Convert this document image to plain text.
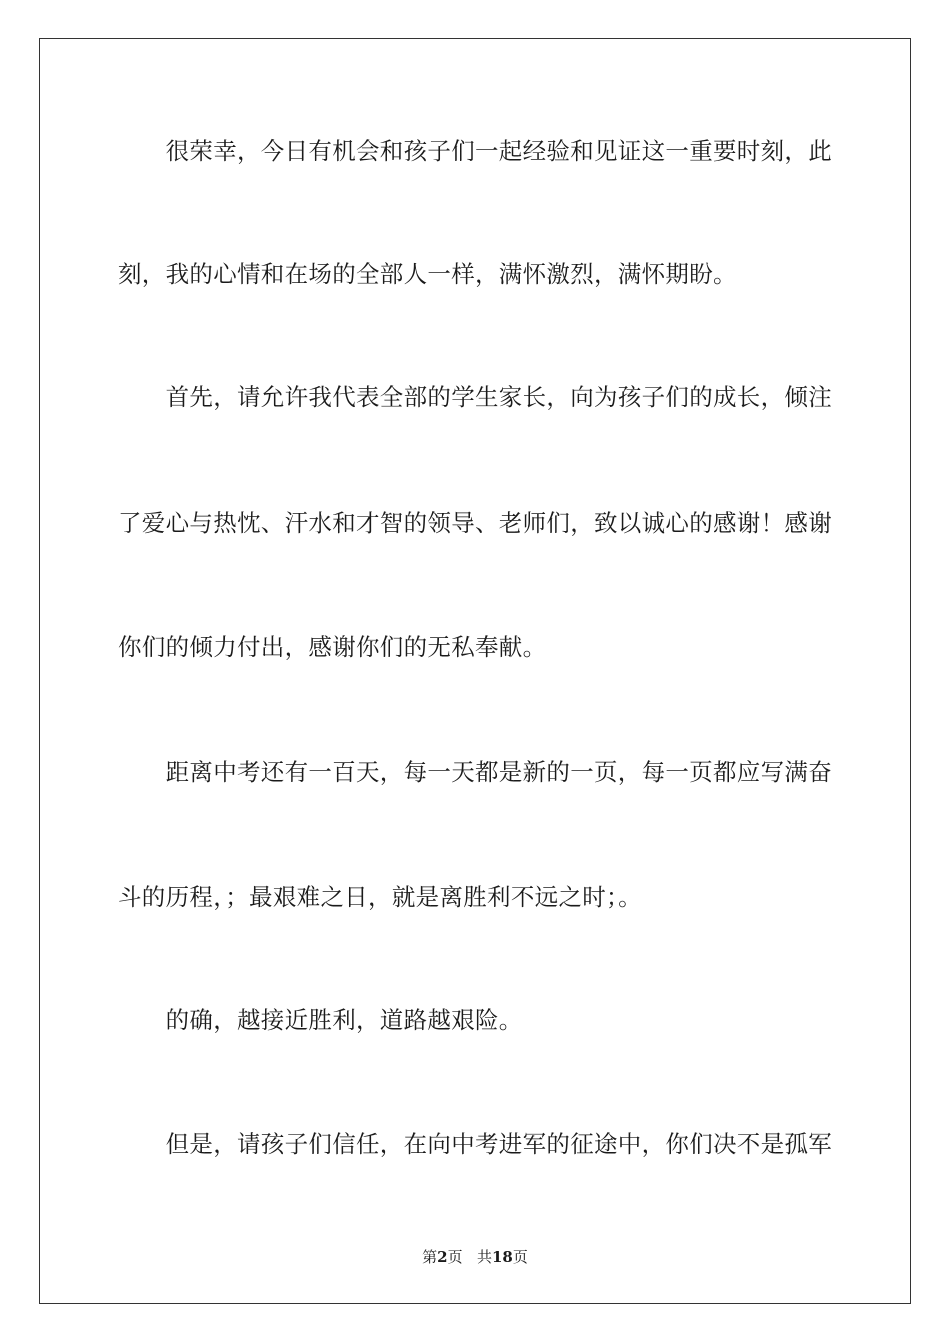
　　很荣幸，今日有机会和孩子们一起经验和见证这一重要时刻，此

刻，我的心情和在场的全部人一样，满怀激烈，满怀期盼。

　　首先，请允许我代表全部的学生家长，向为孩子们的成长，倾注

了爱心与热忱、汗水和才智的领导、老师们，致以诚心的感谢！感谢

你们的倾力付出，感谢你们的无私奉献。

　　距离中考还有一百天，每一天都是新的一页，每一页都应写满奋

斗的历程，；最艰难之日，就是离胜利不远之时；。

　　的确，越接近胜利，道路越艰险。

　　但是，请孩子们信任，在向中考进军的征途中，你们决不是孤军

第2页 共18页
